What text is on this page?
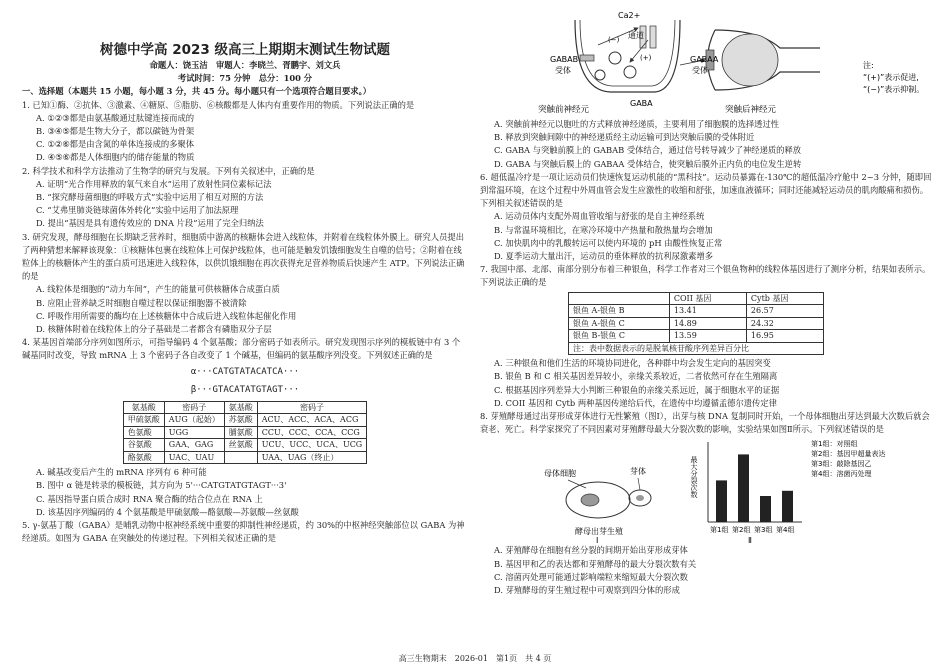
树德中学高 2023 级高三上期期末测试生物试题
命题人：饶玉洁　审题人：李晓兰、胥鹏宇、刘文兵
考试时间：75 分钟　总分：100 分
一、选择题（本题共 15 小题，每小题 3 分，共 45 分。每小题只有一个选项符合题目要求。）
1. 已知①酶、②抗体、③激素、④糖原、⑤脂肪、⑥核酸都是人体内有重要作用的物质。下列说法正确的是
A. ①②③都是由氨基酸通过肽键连接而成的
B. ③④⑤都是生物大分子，都以碳链为骨架
C. ①②⑥都是由含氮的单体连接成的多聚体
D. ④⑤⑥都是人体细胞内的储存能量的物质
2. 科学技术和科学方法推动了生物学的研究与发展。下列有关叙述中，正确的是
A. 证明“光合作用释放的氧气来自水”运用了放射性同位素标记法
B. “探究酵母菌细胞的呼吸方式”实验中运用了相互对照的方法
C. “艾弗里肺炎链球菌体外转化”实验中运用了加法原理
D. 提出“基因是具有遗传效应的 DNA 片段”运用了完全归纳法
3. 研究发现，酵母细胞在长期缺乏营养时，细胞质中游离的核糖体会进入线粒体，并附着在线粒体外膜上。研究人员提出了两种猜想来解释该现象：①核糖体包裹在线粒体上可保护线粒体，也可能是触发饥饿细胞发生自噬的信号；②附着在线粒体上的核糖体产生的蛋白质可迅速进入线粒体，以供饥饿细胞在再次获得充足营养物质后快速产生 ATP。下列说法正确的是
A. 线粒体是细胞的“动力车间”，产生的能量可供核糖体合成蛋白质
B. 应阻止营养缺乏时细胞自噬过程以保证细胞器不被清除
C. 呼吸作用所需要的酶均在上述核糖体中合成后进入线粒体起催化作用
D. 核糖体附着在线粒体上的分子基础是二者都含有磷脂双分子层
4. 某基因首端部分序列如图所示，可指导编码 4 个氨基酸；部分密码子如表所示。研究发现图示序列的模板链中有 3 个碱基同时改变，导致 mRNA 上 3 个密码子各自改变了 1 个碱基，但编码的氨基酸序列没变。下列叙述正确的是
α···CATGTATACATCA···
β···GTACATATGTAGT···
氨基酸	密码子	氨基酸	密码子
甲硫氨酸	AUG（起始）	苏氨酸	ACU、ACC、ACA、ACG
色氨酸	UGG	脯氨酸	CCU、CCC、CCA、CCG
谷氨酸	GAA、GAG	丝氨酸	UCU、UCC、UCA、UCG
酪氨酸	UAC、UAU		UAA、UAG（终止）
A. 碱基改变后产生的 mRNA 序列有 6 种可能
B. 图中 α 链是转录的模板链，其方向为 5'···CATGTATGTAGT···3'
C. 基因指导蛋白质合成时 RNA 聚合酶的结合位点在 RNA 上
D. 该基因序列编码的 4 个氨基酸是甲硫氨酸—酪氨酸—苏氨酸—丝氨酸
5. γ-氨基丁酸（GABA）是哺乳动物中枢神经系统中重要的抑制性神经递质，约 30%的中枢神经突触部位以 GABA 为神经递质。如图为 GABA 在突触处的传递过程。下列相关叙述正确的是
(−)
(+)
GABAB
受体
Ca2+
通道
GABAA
受体
GABA
突触前神经元	突触后神经元
注:
“(+)”表示促进,
“(−)”表示抑制。
A. 突触前神经元以胞吐的方式释放神经递质，主要利用了细胞膜的选择透过性
B. 释放到突触间隙中的神经递质经主动运输可到达突触后膜的受体附近
C. GABA 与突触前膜上的 GABAB 受体结合，通过信号转导减少了神经递质的释放
D. GABA 与突触后膜上的 GABAA 受体结合，使突触后膜外正内负的电位发生逆转
6. 超低温冷疗是一项让运动员们快速恢复运动机能的“黑科技”。运动员暴露在-130℃的超低温冷疗舱中 2~3 分钟，随即回到常温环境，在这个过程中外周血管会发生应激性的收缩和舒张，加速血液循环；同时还能减轻运动员的肌肉酸痛和损伤。下列相关叙述错误的是
A. 运动员体内支配外周血管收缩与舒张的是自主神经系统
B. 与常温环境相比，在寒冷环境中产热量和散热量均会增加
C. 加快肌肉中的乳酸转运可以使内环境的 pH 由酸性恢复正常
D. 夏季运动大量出汗，运动员的垂体释放的抗利尿激素增多
7. 我国中部、北部、南部分别分布着三种银鱼，科学工作者对三个银鱼物种的线粒体基因进行了测序分析，结果如表所示。下列说法正确的是
	COII 基因	Cytb 基因
银鱼 A-银鱼 B	13.41	26.57
银鱼 A-银鱼 C	14.89	24.32
银鱼 B-银鱼 C	13.59	16.95
注：表中数据表示的是脱氧核苷酸序列差异百分比		
A. 三种银鱼和他们生活的环境协同进化，各种群中均会发生定向的基因突变
B. 银鱼 B 和 C 相关基因差异较小，亲缘关系较近，二者依然可存在生殖隔离
C. 根据基因序列差异大小判断三种银鱼的亲缘关系远近，属于细胞水平的证据
D. COII 基因和 Cytb 两种基因传递给后代，在遗传中均遵循孟德尔遗传定律
8. 芽殖酵母通过出芽形成芽体进行无性繁殖（图Ⅰ），出芽与核 DNA 复制同时开始，一个母体细胞出芽达到最大次数后就会衰老、死亡。科学家探究了不同因素对芽殖酵母最大分裂次数的影响，实验结果如图Ⅱ所示。下列叙述错误的是
母体细胞	芽体
酵母出芽生殖
Ⅰ
最大分裂次数
第1组 第2组 第3组 第4组
第1组：对照组
第2组：基因甲超量表达
第3组：敲除基因乙
第4组：溶菌丙处理
Ⅱ
A. 芽殖酵母在细胞有丝分裂的间期开始出芽形成芽体
B. 基因甲和乙的表达都和芽殖酵母的最大分裂次数有关
C. 溶菌丙处理可能通过影响端粒来缩短最大分裂次数
D. 芽殖酵母的芽生殖过程中可观察到四分体的形成
高三生物期末　2026-01　第1页　共 4 页
